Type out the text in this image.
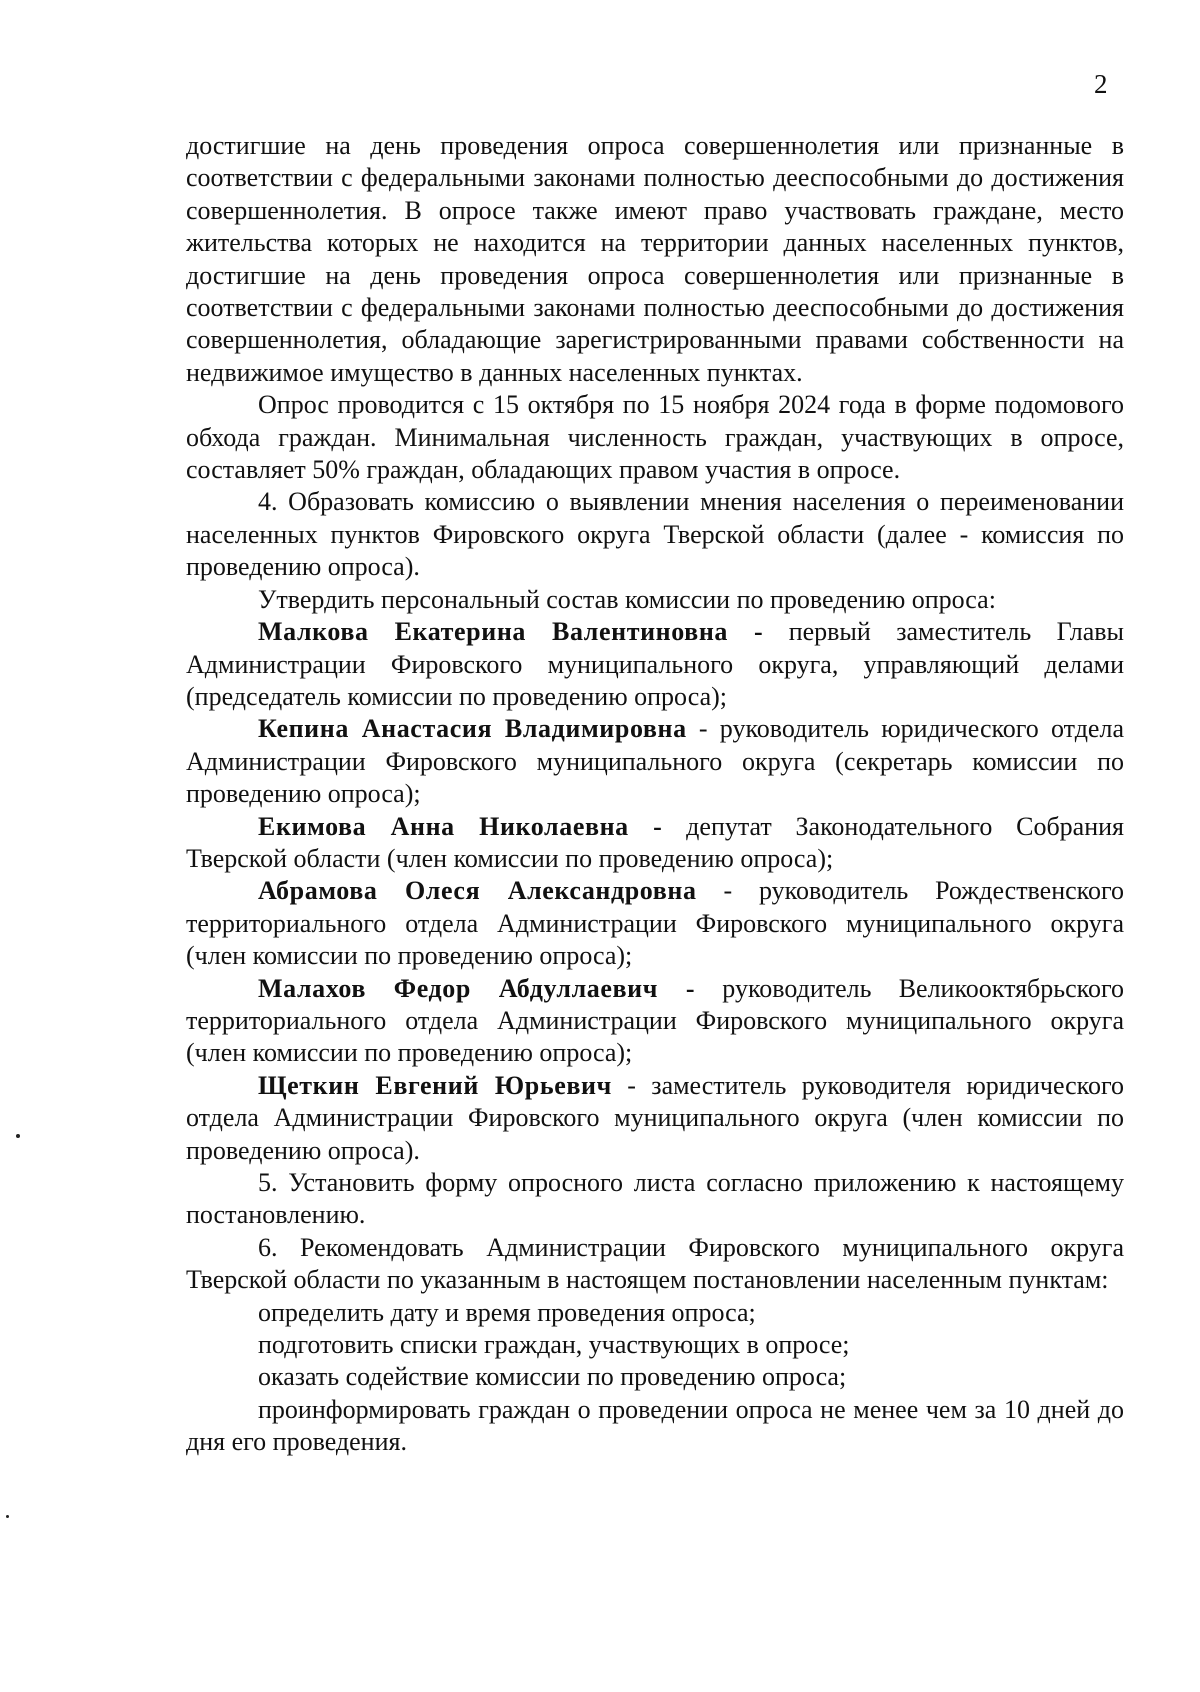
2

достигшие на день проведения опроса совершеннолетия или признанные в соответствии с федеральными законами полностью дееспособными до достижения совершеннолетия. В опросе также имеют право участвовать граждане, место жительства которых не находится на территории данных населенных пунктов, достигшие на день проведения опроса совершеннолетия или признанные в соответствии с федеральными законами полностью дееспособными до достижения совершеннолетия, обладающие зарегистрированными правами собственности на недвижимое имущество в данных населенных пунктах.

Опрос проводится с 15 октября по 15 ноября 2024 года в форме подомового обхода граждан. Минимальная численность граждан, участвующих в опросе, составляет 50% граждан, обладающих правом участия в опросе.

4. Образовать комиссию о выявлении мнения населения о переименовании населенных пунктов Фировского округа Тверской области (далее - комиссия по проведению опроса).

Утвердить персональный состав комиссии по проведению опроса:

Малкова Екатерина Валентиновна - первый заместитель Главы Администрации Фировского муниципального округа, управляющий делами (председатель комиссии по проведению опроса);

Кепина Анастасия Владимировна - руководитель юридического отдела Администрации Фировского муниципального округа (секретарь комиссии по проведению опроса);

Екимова Анна Николаевна - депутат Законодательного Собрания Тверской области (член комиссии по проведению опроса);

Абрамова Олеся Александровна - руководитель Рождественского территориального отдела Администрации Фировского муниципального округа (член комиссии по проведению опроса);

Малахов Федор Абдуллаевич - руководитель Великооктябрьского территориального отдела Администрации Фировского муниципального округа (член комиссии по проведению опроса);

Щеткин Евгений Юрьевич - заместитель руководителя юридического отдела Администрации Фировского муниципального округа (член комиссии по проведению опроса).

5. Установить форму опросного листа согласно приложению к настоящему постановлению.

6. Рекомендовать Администрации Фировского муниципального округа Тверской области по указанным в настоящем постановлении населенным пунктам:

определить дату и время проведения опроса;

подготовить списки граждан, участвующих в опросе;

оказать содействие комиссии по проведению опроса;

проинформировать граждан о проведении опроса не менее чем за 10 дней до дня его проведения.
